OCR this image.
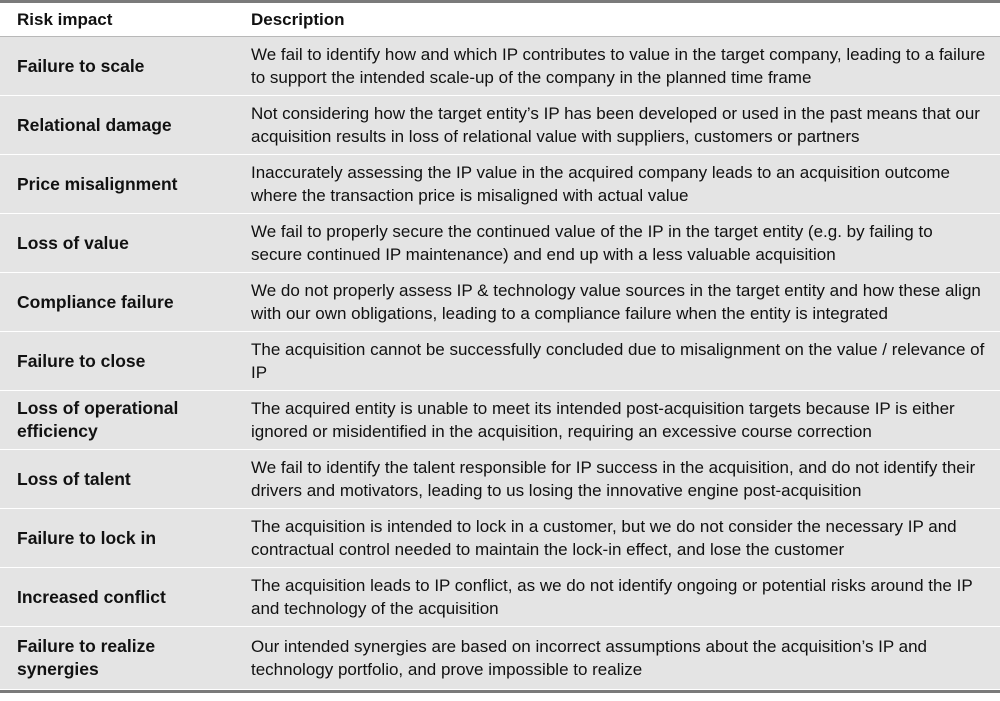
Risk impact	Description
Failure to scale
We fail to identify how and which IP contributes to value in the target company, leading to a failure to support the intended scale-up of the company in the planned time frame
Relational damage
Not considering how the target entity’s IP has been developed or used in the past means that our acquisition results in loss of relational value with suppliers, customers or partners
Price misalignment
Inaccurately assessing the IP value in the acquired company leads to an acquisition outcome where the transaction price is misaligned with actual value
Loss of value
We fail to properly secure the continued value of the IP in the target entity (e.g. by failing to secure continued IP maintenance) and end up with a less valuable acquisition
Compliance failure
We do not properly assess IP & technology value sources in the target entity and how these align with our own obligations, leading to a compliance failure when the entity is integrated
Failure to close
The acquisition cannot be successfully concluded due to misalignment on the value / relevance of IP
Loss of operational efficiency
The acquired entity is unable to meet its intended post-acquisition targets because IP is either ignored or misidentified in the acquisition, requiring an excessive course correction
Loss of talent
We fail to identify the talent responsible for IP success in the acquisition, and do not identify their drivers and motivators, leading to us losing the innovative engine post-acquisition
Failure to lock in
The acquisition is intended to lock in a customer, but we do not consider the necessary IP and contractual control needed to maintain the lock-in effect, and lose the customer
Increased conflict
The acquisition leads to IP conflict, as we do not identify ongoing or potential risks around the IP and technology of the acquisition
Failure to realize synergies
Our intended synergies are based on incorrect assumptions about the acquisition’s IP and technology portfolio, and prove impossible to realize
